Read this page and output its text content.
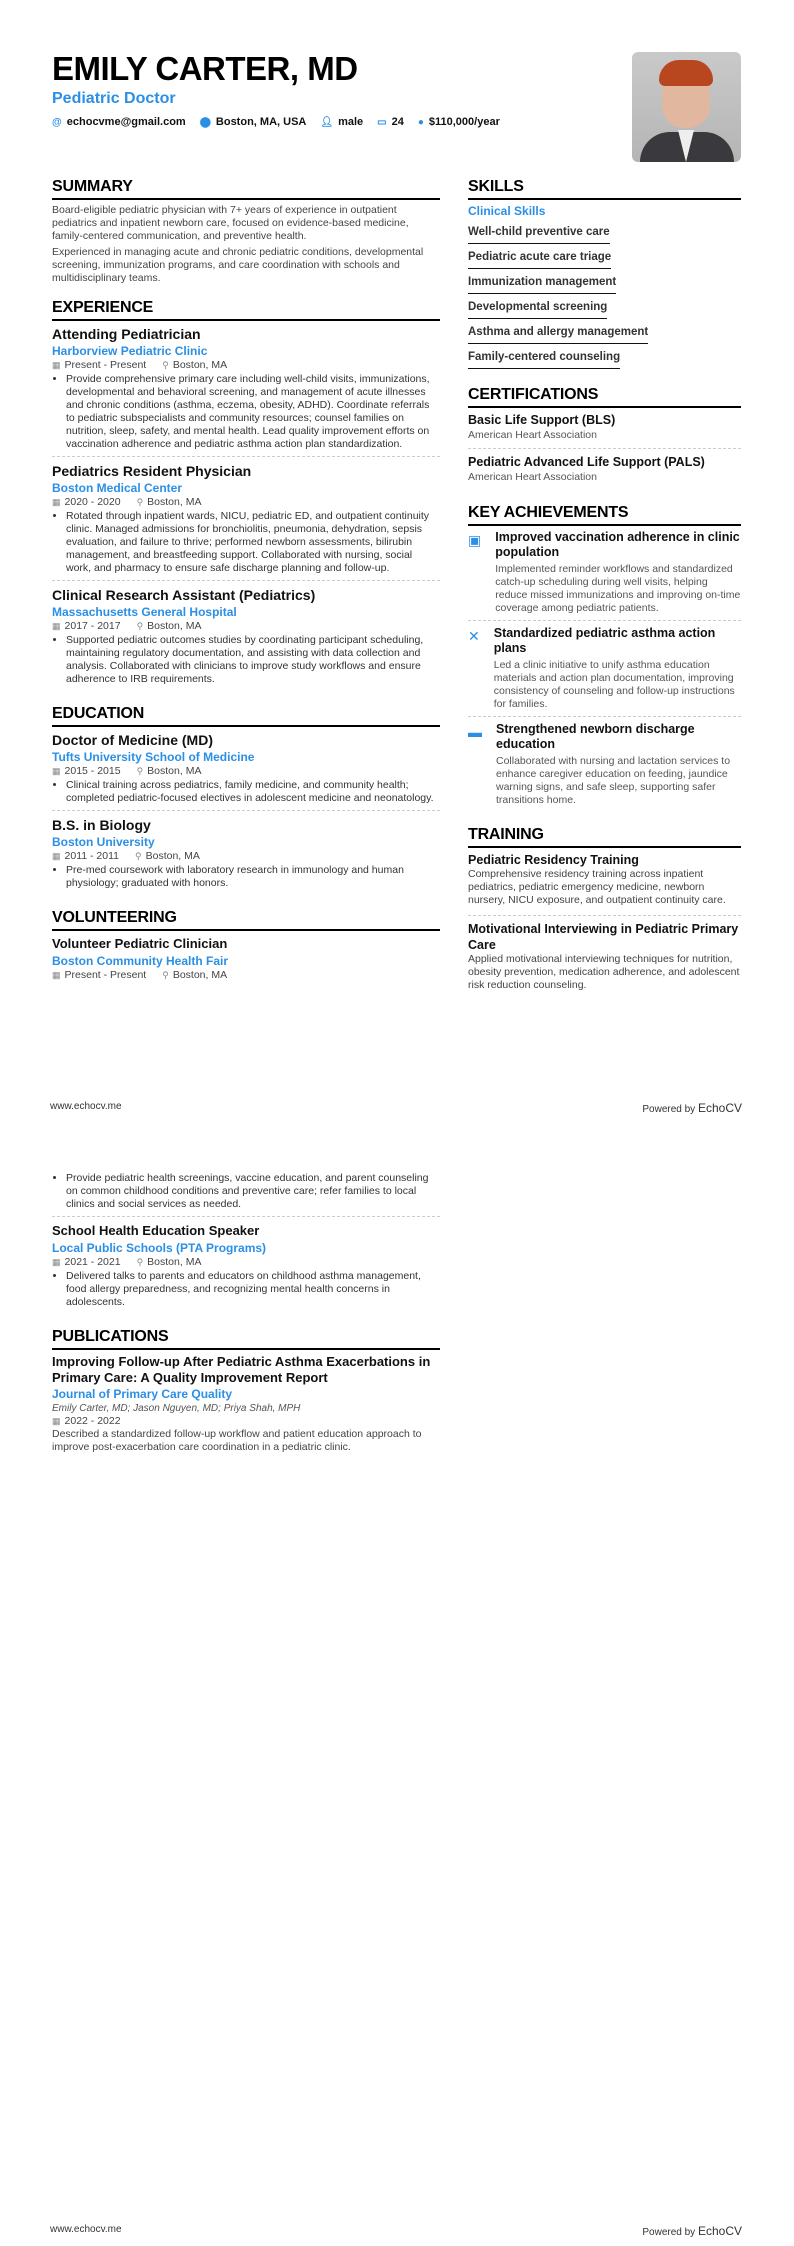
EMILY CARTER, MD
Pediatric Doctor
@ echocvme@gmail.com ⬤ Boston, MA, USA 👤︎ male ▭ 24 ● $110,000/year
SUMMARY

Board-eligible pediatric physician with 7+ years of experience in outpatient pediatrics and inpatient newborn care, focused on evidence-based medicine, family-centered communication, and preventive health.

Experienced in managing acute and chronic pediatric conditions, developmental screening, immunization programs, and care coordination with schools and multidisciplinary teams.

EXPERIENCE
Attending Pediatrician
Harborview Pediatric Clinic
▦ Present - Present ⚲ Boston, MA
• Provide comprehensive primary care including well-child visits, immunizations, developmental and behavioral screening, and management of acute illnesses and chronic conditions (asthma, eczema, obesity, ADHD). Coordinate referrals to pediatric subspecialists and community resources; counsel families on nutrition, sleep, safety, and mental health. Lead quality improvement efforts on vaccination adherence and pediatric asthma action plan standardization.
Pediatrics Resident Physician
Boston Medical Center
▦ 2020 - 2020 ⚲ Boston, MA
• Rotated through inpatient wards, NICU, pediatric ED, and outpatient continuity clinic. Managed admissions for bronchiolitis, pneumonia, dehydration, sepsis evaluation, and failure to thrive; performed newborn assessments, bilirubin management, and breastfeeding support. Collaborated with nursing, social work, and pharmacy to ensure safe discharge planning and follow-up.
Clinical Research Assistant (Pediatrics)
Massachusetts General Hospital
▦ 2017 - 2017 ⚲ Boston, MA
• Supported pediatric outcomes studies by coordinating participant scheduling, maintaining regulatory documentation, and assisting with data collection and analysis. Collaborated with clinicians to improve study workflows and ensure adherence to IRB requirements.
EDUCATION
Doctor of Medicine (MD)
Tufts University School of Medicine
▦ 2015 - 2015 ⚲ Boston, MA
• Clinical training across pediatrics, family medicine, and community health; completed pediatric-focused electives in adolescent medicine and neonatology.
B.S. in Biology
Boston University
▦ 2011 - 2011 ⚲ Boston, MA
• Pre-med coursework with laboratory research in immunology and human physiology; graduated with honors.
VOLUNTEERING
Volunteer Pediatric Clinician
Boston Community Health Fair
▦ Present - Present ⚲ Boston, MA
SKILLS
Clinical Skills
Well-child preventive care
Pediatric acute care triage
Immunization management
Developmental screening
Asthma and allergy management
Family-centered counseling
CERTIFICATIONS
Basic Life Support (BLS)
American Heart Association
Pediatric Advanced Life Support (PALS)
American Heart Association
KEY ACHIEVEMENTS
▣ Improved vaccination adherence in clinic population

Implemented reminder workflows and standardized catch-up scheduling during well visits, helping reduce missed immunizations and improving on-time coverage among pediatric patients.

✕ Standardized pediatric asthma action plans

Led a clinic initiative to unify asthma education materials and action plan documentation, improving consistency of counseling and follow-up instructions for families.

▬ Strengthened newborn discharge education

Collaborated with nursing and lactation services to enhance caregiver education on feeding, jaundice warning signs, and safe sleep, supporting safer transitions home.

TRAINING
Pediatric Residency Training

Comprehensive residency training across inpatient pediatrics, pediatric emergency medicine, newborn nursery, NICU exposure, and outpatient continuity care.

Motivational Interviewing in Pediatric Primary Care

Applied motivational interviewing techniques for nutrition, obesity prevention, medication adherence, and adolescent risk reduction counseling.

www.echocv.me	Powered by EchoCV
• Provide pediatric health screenings, vaccine education, and parent counseling on common childhood conditions and preventive care; refer families to local clinics and social services as needed.
School Health Education Speaker
Local Public Schools (PTA Programs)
▦ 2021 - 2021 ⚲ Boston, MA
• Delivered talks to parents and educators on childhood asthma management, food allergy preparedness, and recognizing mental health concerns in adolescents.
PUBLICATIONS
Improving Follow-up After Pediatric Asthma Exacerbations in Primary Care: A Quality Improvement Report
Journal of Primary Care Quality
Emily Carter, MD; Jason Nguyen, MD; Priya Shah, MPH
▦ 2022 - 2022

Described a standardized follow-up workflow and patient education approach to improve post-exacerbation care coordination in a pediatric clinic.

www.echocv.me	Powered by EchoCV
